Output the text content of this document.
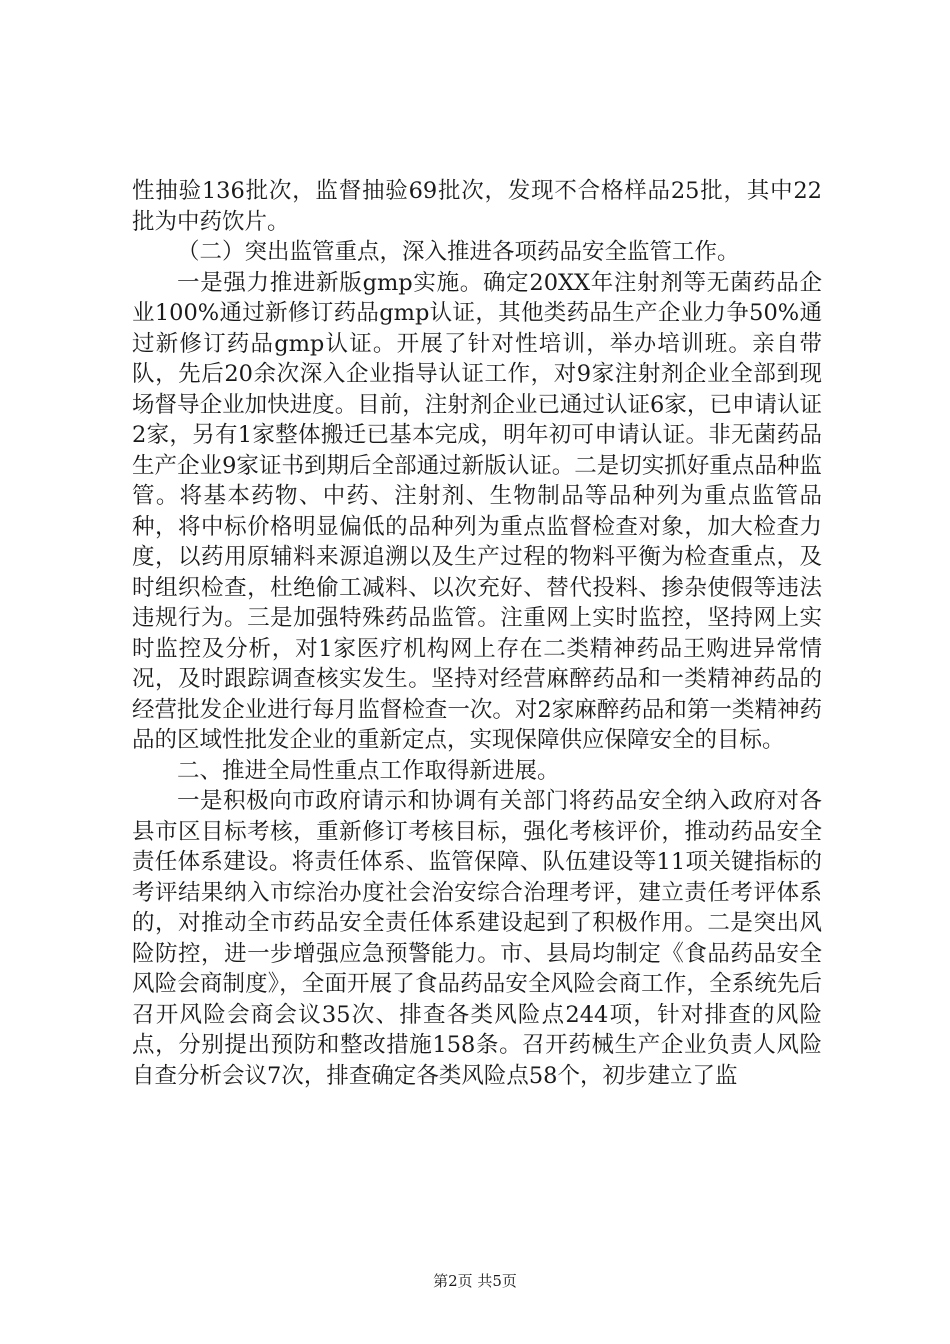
性抽验136批次，监督抽验69批次，发现不合格样品25批，其中22批为中药饮片。

（二）突出监管重点，深入推进各项药品安全监管工作。

一是强力推进新版gmp实施。确定20XX年注射剂等无菌药品企业100%通过新修订药品gmp认证，其他类药品生产企业力争50%通过新修订药品gmp认证。开展了针对性培训，举办培训班。亲自带队，先后20余次深入企业指导认证工作，对9家注射剂企业全部到现场督导企业加快进度。目前，注射剂企业已通过认证6家，已申请认证2家，另有1家整体搬迁已基本完成，明年初可申请认证。非无菌药品生产企业9家证书到期后全部通过新版认证。二是切实抓好重点品种监管。将基本药物、中药、注射剂、生物制品等品种列为重点监管品种，将中标价格明显偏低的品种列为重点监督检查对象，加大检查力度，以药用原辅料来源追溯以及生产过程的物料平衡为检查重点，及时组织检查，杜绝偷工减料、以次充好、替代投料、掺杂使假等违法违规行为。三是加强特殊药品监管。注重网上实时监控，坚持网上实时监控及分析，对1家医疗机构网上存在二类精神药品王购进异常情况，及时跟踪调查核实发生。坚持对经营麻醉药品和一类精神药品的经营批发企业进行每月监督检查一次。对2家麻醉药品和第一类精神药品的区域性批发企业的重新定点，实现保障供应保障安全的目标。

二、推进全局性重点工作取得新进展。

一是积极向市政府请示和协调有关部门将药品安全纳入政府对各县市区目标考核，重新修订考核目标，强化考核评价，推动药品安全责任体系建设。将责任体系、监管保障、队伍建设等11项关键指标的考评结果纳入市综治办度社会治安综合治理考评，建立责任考评体系的，对推动全市药品安全责任体系建设起到了积极作用。二是突出风险防控，进一步增强应急预警能力。市、县局均制定《食品药品安全风险会商制度》，全面开展了食品药品安全风险会商工作，全系统先后召开风险会商会议35次、排查各类风险点244项，针对排查的风险点，分别提出预防和整改措施158条。召开药械生产企业负责人风险自查分析会议7次，排查确定各类风险点58个，初步建立了监

第2页 共5页
